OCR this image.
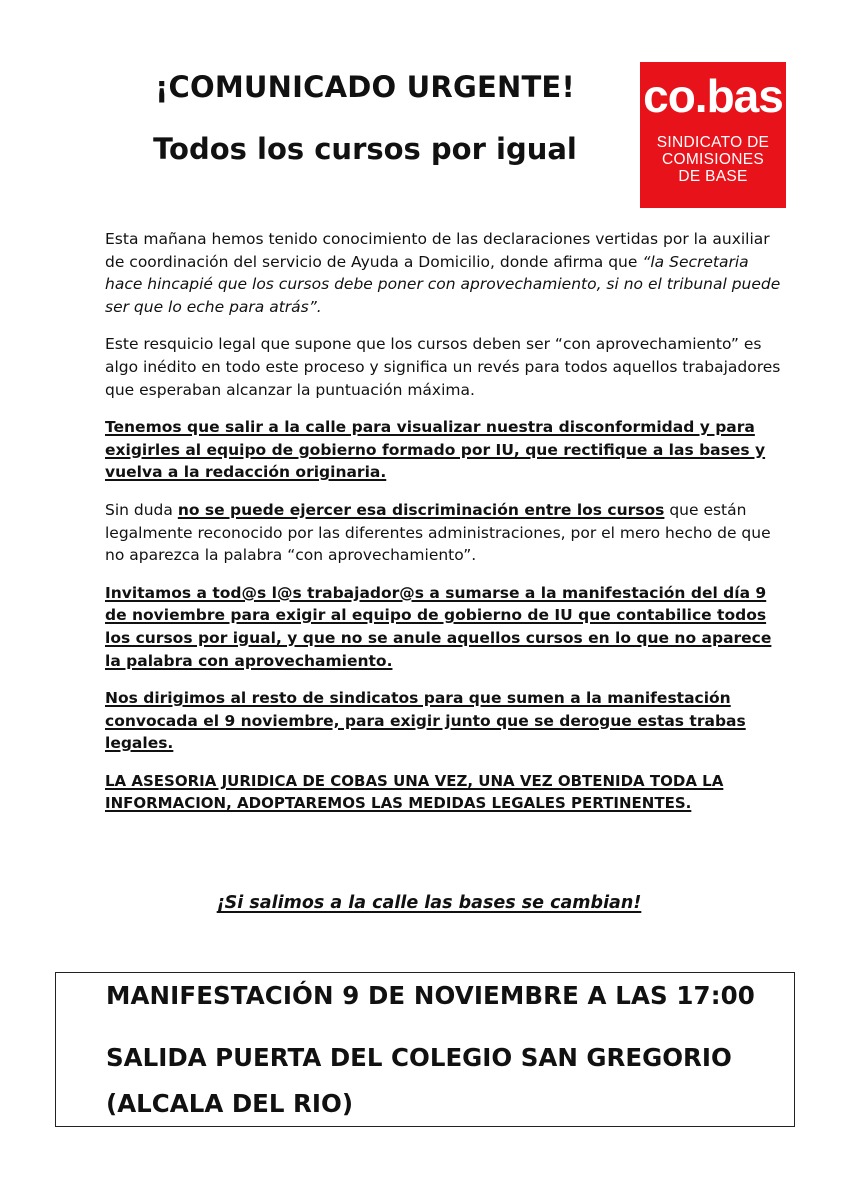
¡COMUNICADO URGENTE!
Todos los cursos por igual
co.bas
SINDICATO DE
COMISIONES
DE BASE

Esta mañana hemos tenido conocimiento de las declaraciones vertidas por la auxiliar de coordinación del servicio de Ayuda a Domicilio, donde afirma que “la Secretaria hace hincapié que los cursos debe poner con aprovechamiento, si no el tribunal puede ser que lo eche para atrás”.

Este resquicio legal que supone que los cursos deben ser “con aprovechamiento” es algo inédito en todo este proceso y significa un revés para todos aquellos trabajadores que esperaban alcanzar la puntuación máxima.

Tenemos que salir a la calle para visualizar nuestra disconformidad y para exigirles al equipo de gobierno formado por IU, que rectifique a las bases y vuelva a la redacción originaria.

Sin duda no se puede ejercer esa discriminación entre los cursos que están legalmente reconocido por las diferentes administraciones, por el mero hecho de que no aparezca la palabra “con aprovechamiento”.

Invitamos a tod@s l@s trabajador@s a sumarse a la manifestación del día 9 de noviembre para exigir al equipo de gobierno de IU que contabilice todos los cursos por igual, y que no se anule aquellos cursos en lo que no aparece la palabra con aprovechamiento.

Nos dirigimos al resto de sindicatos para que sumen a la manifestación convocada el 9 noviembre, para exigir junto que se derogue estas trabas legales.

LA ASESORIA JURIDICA DE COBAS UNA VEZ, UNA VEZ OBTENIDA TODA LA INFORMACION, ADOPTAREMOS LAS MEDIDAS LEGALES PERTINENTES.

¡Si salimos a la calle las bases se cambian!
MANIFESTACIÓN 9 DE NOVIEMBRE A LAS 17:00
SALIDA PUERTA DEL COLEGIO SAN GREGORIO (ALCALA DEL RIO)
